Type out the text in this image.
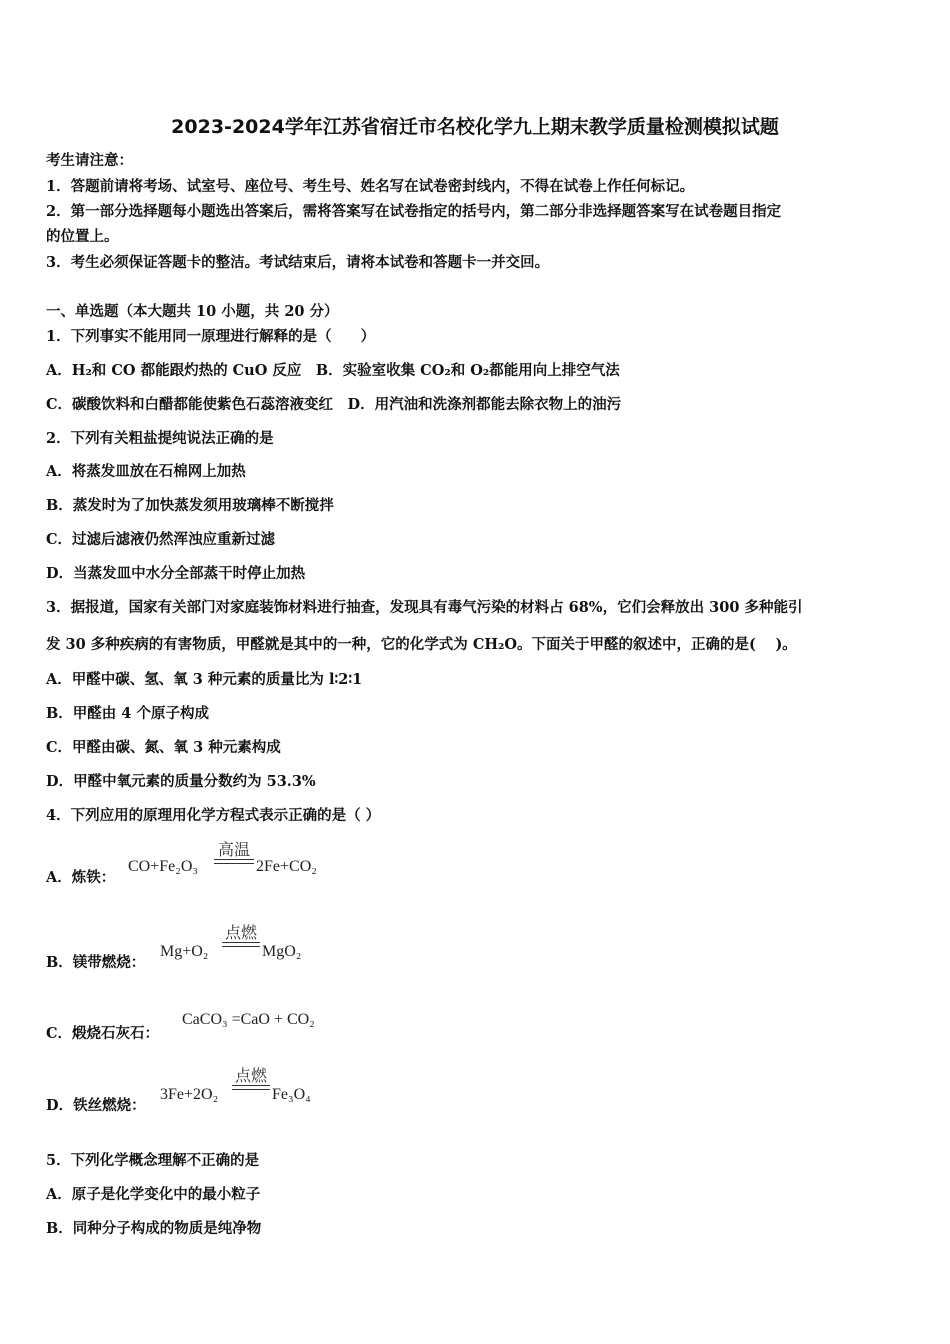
2023-2024学年江苏省宿迁市名校化学九上期末教学质量检测模拟试题
考生请注意：
1．答题前请将考场、试室号、座位号、考生号、姓名写在试卷密封线内，不得在试卷上作任何标记。
2．第一部分选择题每小题选出答案后，需将答案写在试卷指定的括号内，第二部分非选择题答案写在试卷题目指定
的位置上。
3．考生必须保证答题卡的整洁。考试结束后，请将本试卷和答题卡一并交回。
一、单选题（本大题共 10 小题，共 20 分）
1．下列事实不能用同一原理进行解释的是（　　）
A．H₂和 CO 都能跟灼热的 CuO 反应　B．实验室收集 CO₂和 O₂都能用向上排空气法
C．碳酸饮料和白醋都能使紫色石蕊溶液变红　D．用汽油和洗涤剂都能去除衣物上的油污
2．下列有关粗盐提纯说法正确的是
A．将蒸发皿放在石棉网上加热
B．蒸发时为了加快蒸发须用玻璃棒不断搅拌
C．过滤后滤液仍然浑浊应重新过滤
D．当蒸发皿中水分全部蒸干时停止加热
3．据报道，国家有关部门对家庭装饰材料进行抽查，发现具有毒气污染的材料占 68%，它们会释放出 300 多种能引
发 30 多种疾病的有害物质，甲醛就是其中的一种，它的化学式为 CH₂O。下面关于甲醛的叙述中，正确的是(　 )。
A．甲醛中碳、氢、氧 3 种元素的质量比为 l∶2∶1
B．甲醛由 4 个原子构成
C．甲醛由碳、氮、氧 3 种元素构成
D．甲醛中氧元素的质量分数约为 53.3%
4．下列应用的原理用化学方程式表示正确的是（ ）
A．炼铁：
CO+Fe₂O₃
高温
2Fe+CO₂
B．镁带燃烧：
Mg+O₂
点燃
MgO₂
C．煅烧石灰石：
CaCO₃ =CaO + CO₂
D．铁丝燃烧：
3Fe+2O₂
点燃
Fe₃O₄
5．下列化学概念理解不正确的是
A．原子是化学变化中的最小粒子
B．同种分子构成的物质是纯净物
